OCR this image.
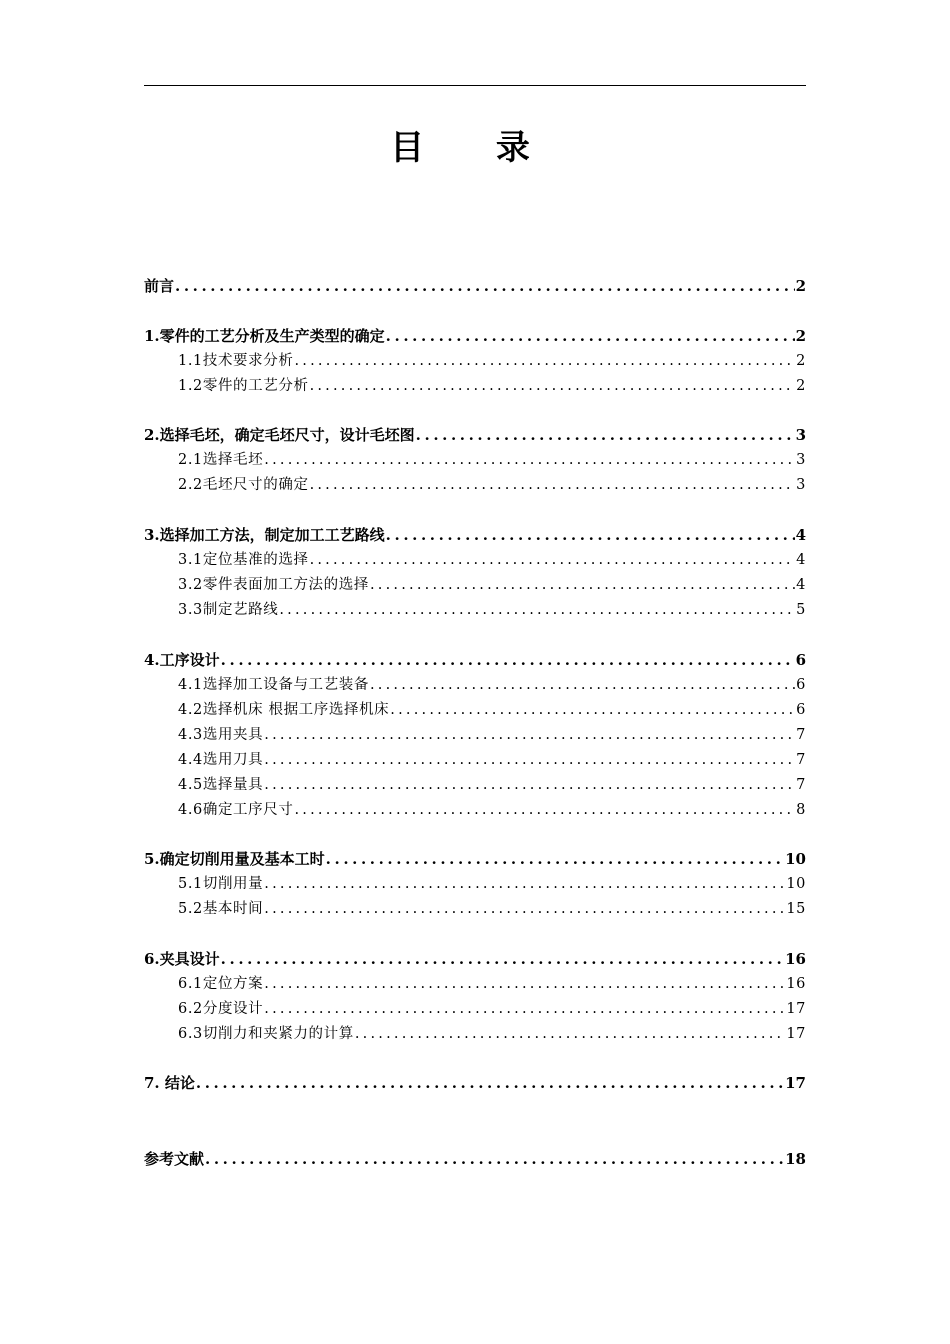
目 录
前言 .....	2
1.零件的工艺分析及生产类型的确定 .....	2
1.1技术要求分析 .....	2
1.2零件的工艺分析 .....	2
2.选择毛坯，确定毛坯尺寸，设计毛坯图 .....	3
2.1选择毛坯 .....	3
2.2毛坯尺寸的确定 .....	3
3.选择加工方法，制定加工工艺路线 .....	4
3.1定位基准的选择 .....	4
3.2零件表面加工方法的选择 .....	4
3.3制定艺路线 .....	5
4.工序设计 .....	6
4.1选择加工设备与工艺装备 .....	6
4.2选择机床 根据工序选择机床 .....	6
4.3选用夹具 .....	7
4.4选用刀具 .....	7
4.5选择量具 .....	7
4.6确定工序尺寸 .....	8
5.确定切削用量及基本工时 .....	10
5.1切削用量 .....	10
5.2基本时间 .....	15
6.夹具设计 .....	16
6.1定位方案 .....	16
6.2分度设计 .....	17
6.3切削力和夹紧力的计算 .....	17
7. 结论 .....	17
参考文献 .....	18
